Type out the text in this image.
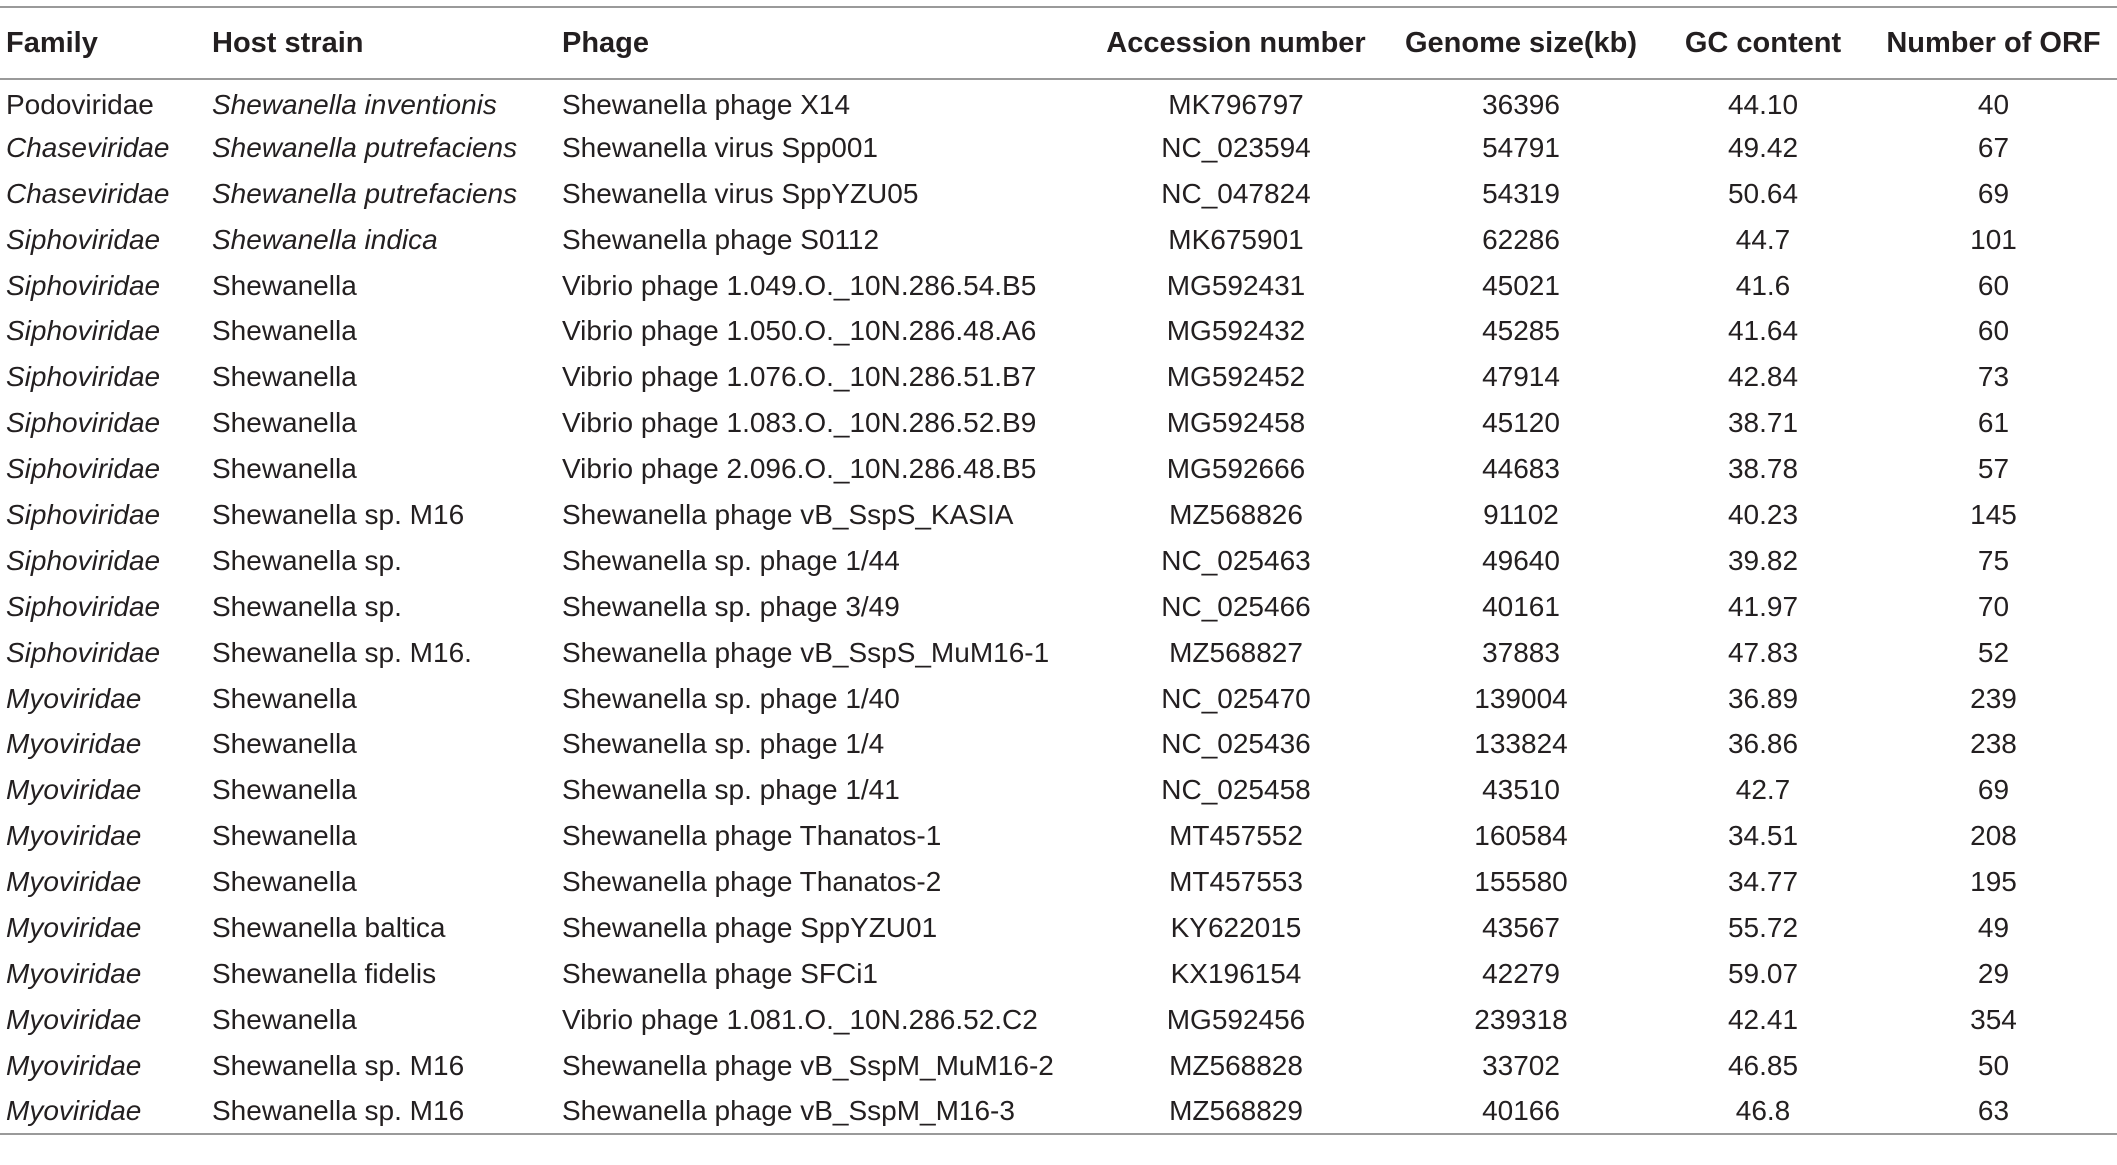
Family	Host strain	Phage	Accession number	Genome size(kb)	GC content	Number of ORF
Podoviridae	Shewanella inventionis	Shewanella phage X14	MK796797	36396	44.10	40
Chaseviridae	Shewanella putrefaciens	Shewanella virus Spp001	NC_023594	54791	49.42	67
Chaseviridae	Shewanella putrefaciens	Shewanella virus SppYZU05	NC_047824	54319	50.64	69
Siphoviridae	Shewanella indica	Shewanella phage S0112	MK675901	62286	44.7	101
Siphoviridae	Shewanella	Vibrio phage 1.049.O._10N.286.54.B5	MG592431	45021	41.6	60
Siphoviridae	Shewanella	Vibrio phage 1.050.O._10N.286.48.A6	MG592432	45285	41.64	60
Siphoviridae	Shewanella	Vibrio phage 1.076.O._10N.286.51.B7	MG592452	47914	42.84	73
Siphoviridae	Shewanella	Vibrio phage 1.083.O._10N.286.52.B9	MG592458	45120	38.71	61
Siphoviridae	Shewanella	Vibrio phage 2.096.O._10N.286.48.B5	MG592666	44683	38.78	57
Siphoviridae	Shewanella sp. M16	Shewanella phage vB_SspS_KASIA	MZ568826	91102	40.23	145
Siphoviridae	Shewanella sp.	Shewanella sp. phage 1/44	NC_025463	49640	39.82	75
Siphoviridae	Shewanella sp.	Shewanella sp. phage 3/49	NC_025466	40161	41.97	70
Siphoviridae	Shewanella sp. M16.	Shewanella phage vB_SspS_MuM16-1	MZ568827	37883	47.83	52
Myoviridae	Shewanella	Shewanella sp. phage 1/40	NC_025470	139004	36.89	239
Myoviridae	Shewanella	Shewanella sp. phage 1/4	NC_025436	133824	36.86	238
Myoviridae	Shewanella	Shewanella sp. phage 1/41	NC_025458	43510	42.7	69
Myoviridae	Shewanella	Shewanella phage Thanatos-1	MT457552	160584	34.51	208
Myoviridae	Shewanella	Shewanella phage Thanatos-2	MT457553	155580	34.77	195
Myoviridae	Shewanella baltica	Shewanella phage SppYZU01	KY622015	43567	55.72	49
Myoviridae	Shewanella fidelis	Shewanella phage SFCi1	KX196154	42279	59.07	29
Myoviridae	Shewanella	Vibrio phage 1.081.O._10N.286.52.C2	MG592456	239318	42.41	354
Myoviridae	Shewanella sp. M16	Shewanella phage vB_SspM_MuM16-2	MZ568828	33702	46.85	50
Myoviridae	Shewanella sp. M16	Shewanella phage vB_SspM_M16-3	MZ568829	40166	46.8	63
